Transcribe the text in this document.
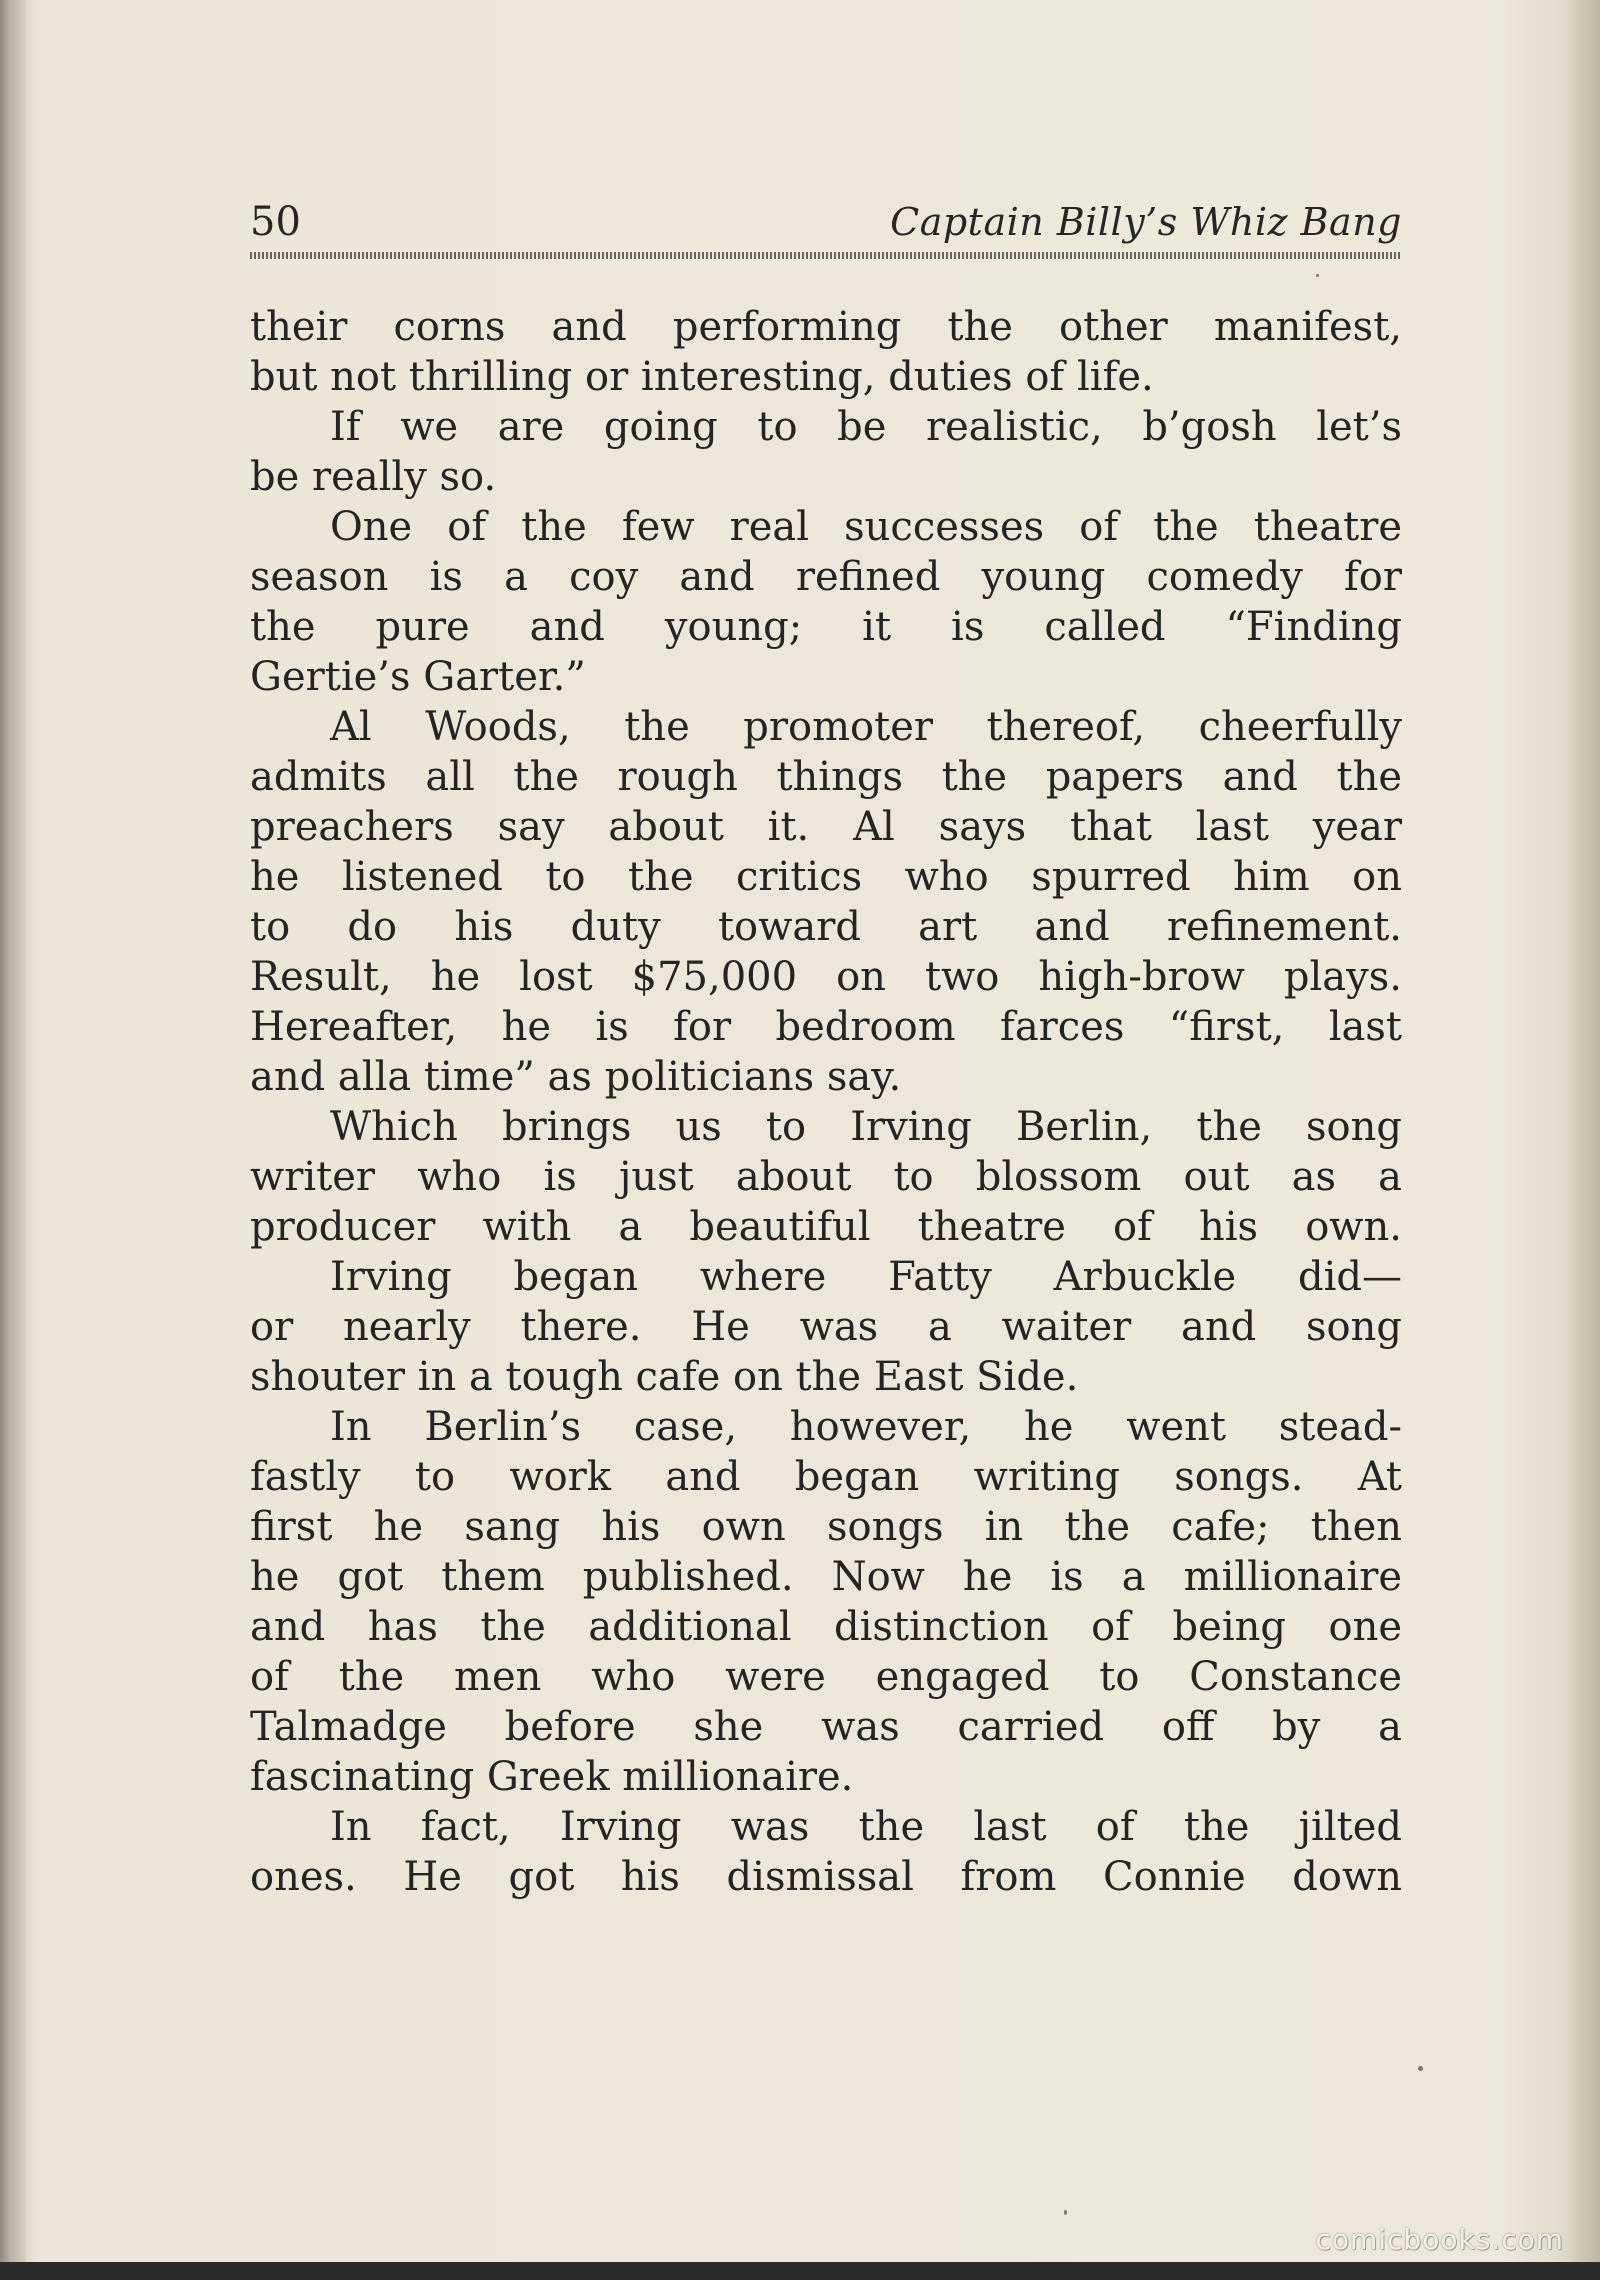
50	Captain Billy’s Whiz Bang
their corns and performing the other manifest,
but not thrilling or interesting, duties of life.
If we are going to be realistic, b’gosh let’s
be really so.
One of the few real successes of the theatre
season is a coy and refined young comedy for
the pure and young; it is called “Finding
Gertie’s Garter.”
Al Woods, the promoter thereof, cheerfully
admits all the rough things the papers and the
preachers say about it. Al says that last year
he listened to the critics who spurred him on
to do his duty toward art and refinement.
Result, he lost $75,000 on two high-brow plays.
Hereafter, he is for bedroom farces “first, last
and alla time” as politicians say.
Which brings us to Irving Berlin, the song
writer who is just about to blossom out as a
producer with a beautiful theatre of his own.
Irving began where Fatty Arbuckle did—
or nearly there. He was a waiter and song
shouter in a tough cafe on the East Side.
In Berlin’s case, however, he went stead-
fastly to work and began writing songs. At
first he sang his own songs in the cafe; then
he got them published. Now he is a millionaire
and has the additional distinction of being one
of the men who were engaged to Constance
Talmadge before she was carried off by a
fascinating Greek millionaire.
In fact, Irving was the last of the jilted
ones. He got his dismissal from Connie down
comicbooks.com
